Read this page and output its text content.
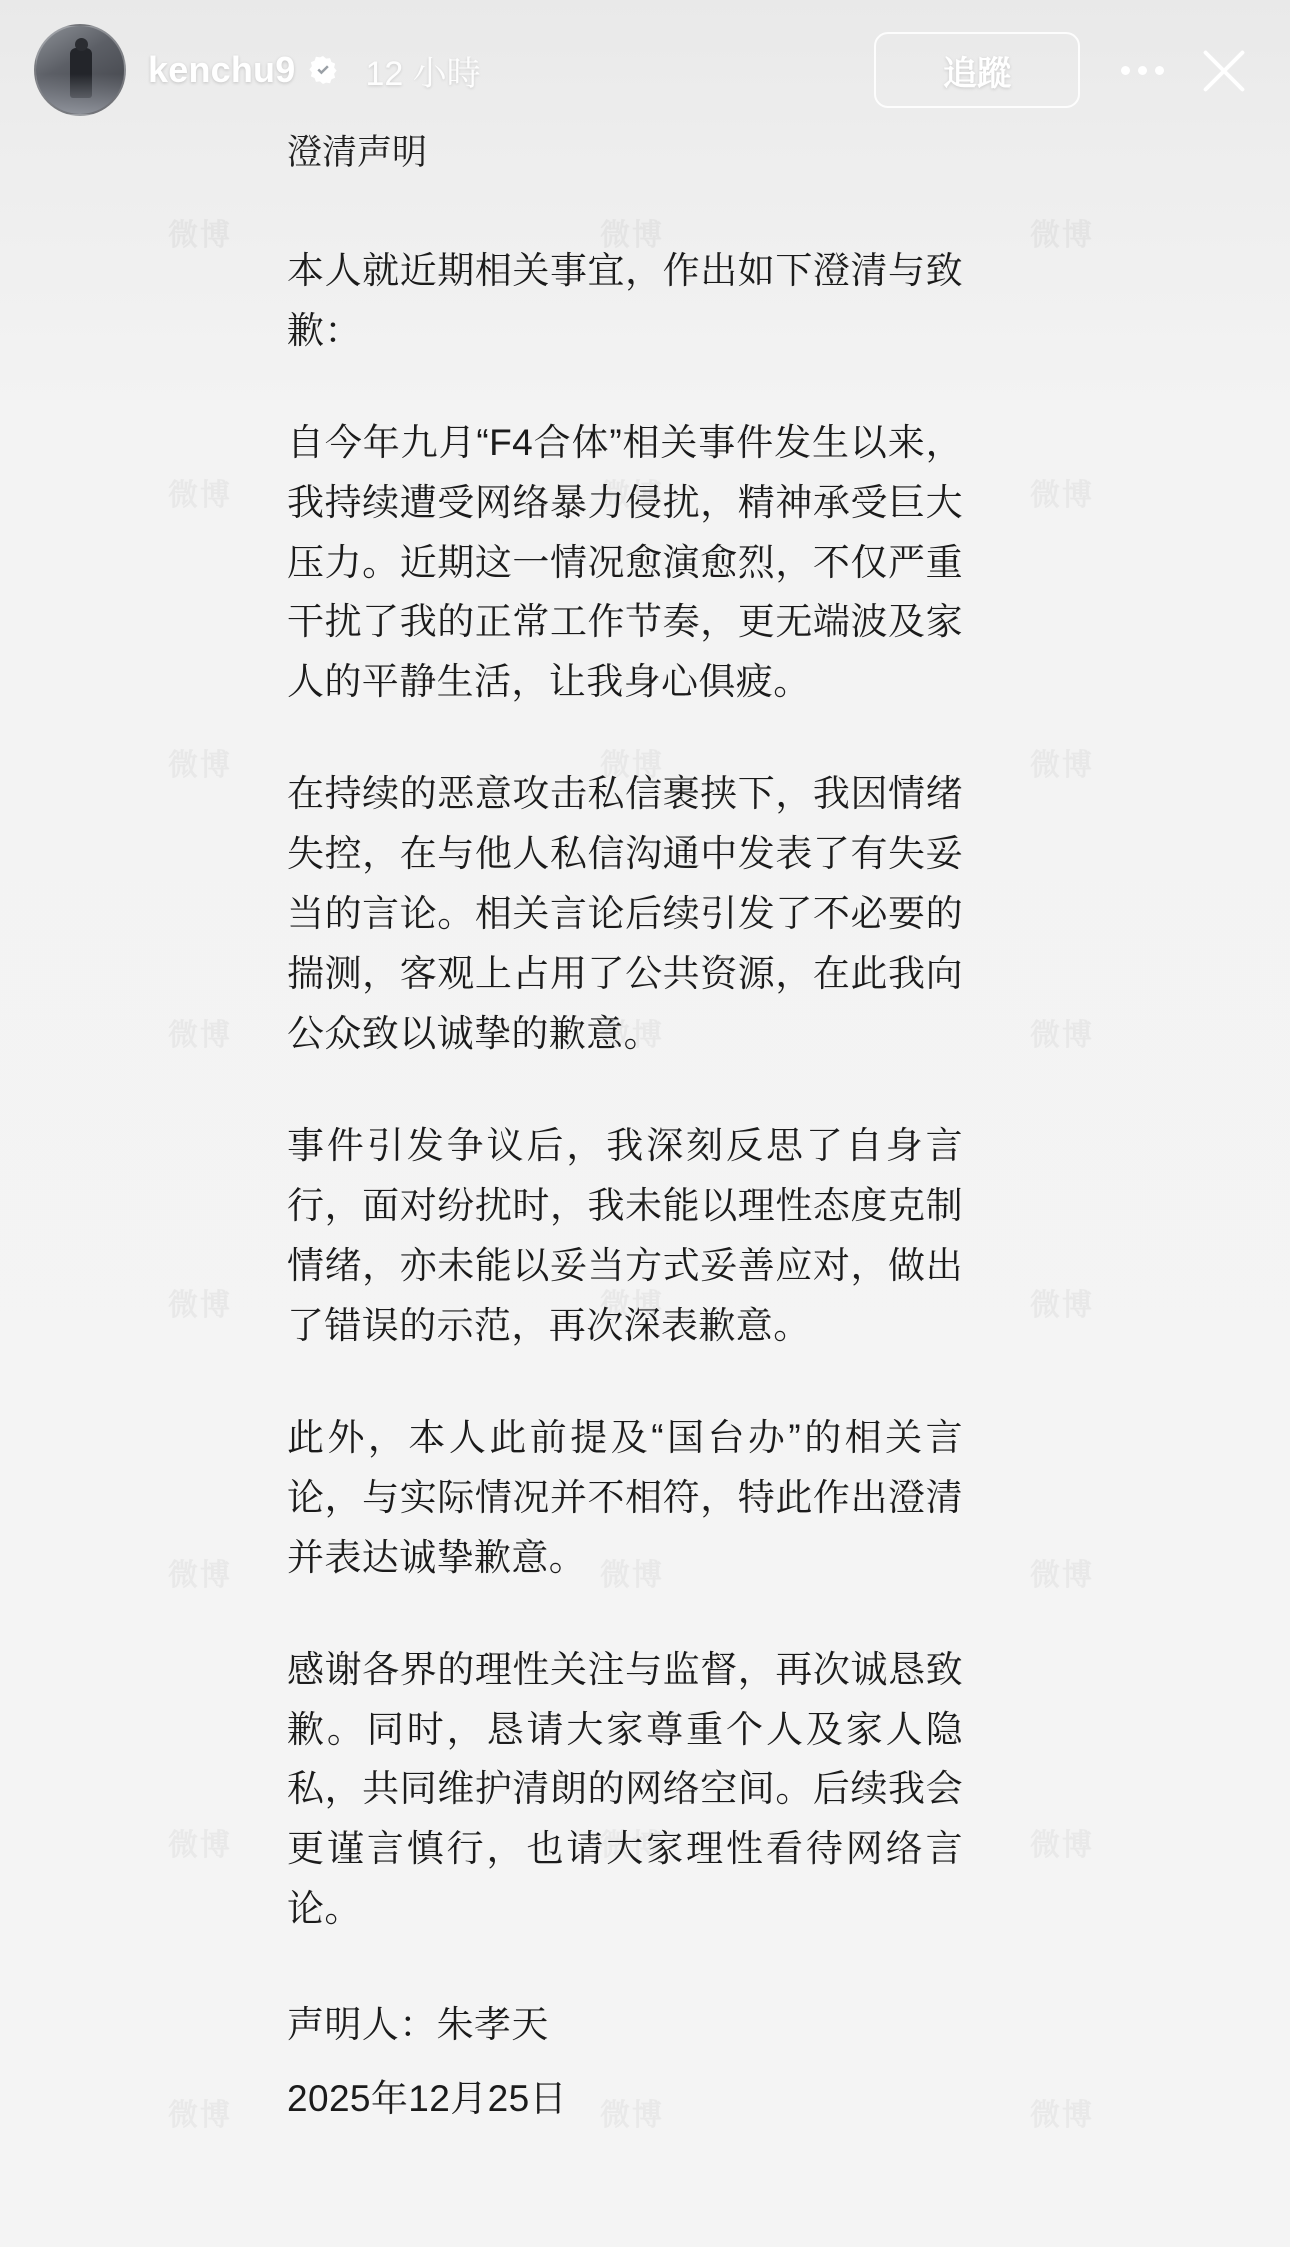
澄清声明

本人就近期相关事宜，作出如下澄清与致歉：

自今年九月“F4合体”相关事件发生以来，我持续遭受网络暴力侵扰，精神承受巨大压力。近期这一情况愈演愈烈，不仅严重干扰了我的正常工作节奏，更无端波及家人的平静生活，让我身心俱疲。

在持续的恶意攻击私信裹挟下，我因情绪失控，在与他人私信沟通中发表了有失妥当的言论。相关言论后续引发了不必要的揣测，客观上占用了公共资源，在此我向公众致以诚挚的歉意。

事件引发争议后，我深刻反思了自身言行，面对纷扰时，我未能以理性态度克制情绪，亦未能以妥当方式妥善应对，做出了错误的示范，再次深表歉意。

此外，本人此前提及“国台办”的相关言论，与实际情况并不相符，特此作出澄清并表达诚挚歉意。

感谢各界的理性关注与监督，再次诚恳致歉。同时，恳请大家尊重个人及家人隐私，共同维护清朗的网络空间。后续我会更谨言慎行，也请大家理性看待网络言论。

声明人：朱孝天

2025年12月25日

kenchu9 12 小時	追蹤
